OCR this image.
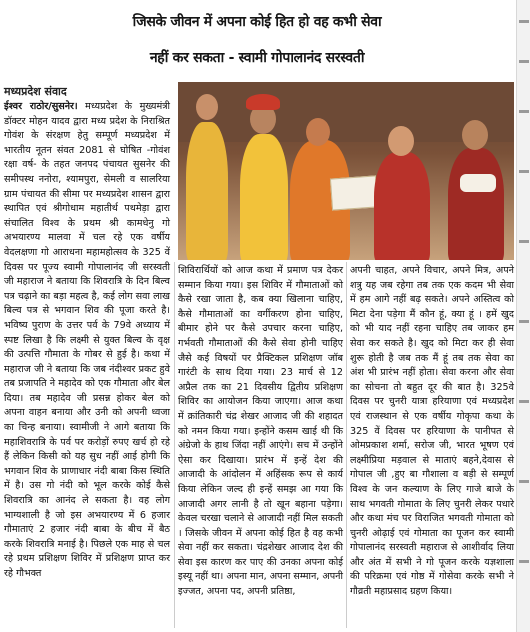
जिसके जीवन में अपना कोई हित हो वह कभी सेवा
नहीं कर सकता - स्वामी गोपालानंद सरस्वती
मध्यप्रदेश संवाद

ईश्वर राठोर/सुसनेर। मध्यप्रदेश के मुख्यमंत्री डॉक्टर मोहन यादव द्वारा मध्य प्रदेश के निराश्रित गोवंश के संरक्षण हेतु सम्पूर्ण मध्यप्रदेश में भारतीय नूतन संवत 2081 से घोषित -गोवंश रक्षा वर्ष- के तहत जनपद पंचायत सुसनेर की समीपस्थ ननोरा, श्यामपुरा, सेमली व सालरिया ग्राम पंचायत की सीमा पर मध्यप्रदेश शासन द्वारा स्थापित एवं श्रीगोधाम महातीर्थ पथमेड़ा द्वारा संचालित विश्व के प्रथम श्री कामधेनु गो अभयारण्य मालवा में चल रहे एक वर्षीय वेदलक्षणा गो आराधना महामहोत्सव के 325 वें दिवस पर पूज्य स्वामी गोपालानंद जी सरस्वती जी महाराज ने बताया कि शिवरात्रि के दिन बिल्व पत्र चढ़ाने का बड़ा महत्व है, कई लोग सवा लाख बिल्व पत्र से भगवान शिव की पूजा करते है। भविष्य पुराण के उत्तर पर्व के 79वे अध्याय में स्पष्ट लिखा है कि लक्ष्मी से युक्त बिल्व के वृक्ष की उत्पत्ति गौमाता के गोबर से हुई है। कथा में महाराज जी ने बताया कि जब नंदीश्वर प्रकट हुवे तब प्रजापति ने महादेव को एक गौमाता और बेल दिया। तब महादेव जी प्रसन्न होकर बेल को अपना वाहन बनाया और उनी को अपनी ध्वजा का चिन्ह बनाया। स्वामीजी ने आगे बताया कि महाशिवरात्रि के पर्व पर करोड़ों रुपए खर्च हो रहे हैं लेकिन किसी को यह सुध नहीं आई होगी कि भगवान शिव के प्राणाधार नंदी बाबा किस स्थिति में है। उस गो नंदी को भूल करके कोई कैसे शिवरात्रि का आनंद ले सकता है। वह लोग भाग्यशाली है जो इस अभयारण्य में 6 हजार गौमाताएं 2 हजार नंदी बाबा के बीच में बैठ करके शिवरात्रि मनाई है। पिछले एक माह से चल रहे प्रथम प्रशिक्षण शिविर में प्रशिक्षण प्राप्त कर रहे गौभक्त

शिविरार्थियों को आज कथा में प्रमाण पत्र देकर सम्मान किया गया। इस शिविर में गौमाताओं को कैसे रखा जाता है, कब क्या खिलाना चाहिए, कैसे गौमाताओं का वर्गीकरण होना चाहिए, बीमार होने पर कैसे उपचार करना चाहिए, गर्भवती गौमाताओं की कैसे सेवा होनी चाहिए जैसे कई विषयों पर प्रैक्टिकल प्रशिक्षण जॉब गारंटी के साथ दिया गया। 23 मार्च से 12 अप्रैल तक का 21 दिवसीय द्वितीय प्रशिक्षण शिविर का आयोजन किया जाएगा। आज कथा में क्रांतिकारी चंद्र शेखर आजाद जी की शहादत को नमन किया गया। इन्होंने कसम खाई थी कि अंग्रेजो के हाथ जिंदा नहीं आएंगे। सच में उन्होंने ऐसा कर दिखाया। प्रारंभ में इन्हें देश की आजादी के आंदोलन में अहिंसक रूप से कार्य किया लेकिन जल्द ही इन्हें समझ आ गया कि आजादी अगर लानी है तो खून बहाना पड़ेगा। केवल चरखा चलाने से आजादी नहीं मिल सकती । जिसके जीवन में अपना कोई हित है वह कभी सेवा नहीं कर सकता। चंद्रशेखर आजाद देश की सेवा इस कारण कर पाए की उनका अपना कोई इस्यू नहीं था। अपना मान, अपना सम्मान, अपनी इज्जत, अपना पद, अपनी प्रतिष्ठा,

अपनी चाहत, अपने विचार, अपने मित्र, अपने शत्रु यह जब रहेगा तब तक एक कदम भी सेवा में हम आगे नहीं बढ़ सकते। अपने अस्तित्व को मिटा देना पड़ेगा मैं कौन हूं, क्या हूं । हमें खुद को भी याद नहीं रहना चाहिए तब जाकर हम सेवा कर सकते है। खुद को मिटा कर ही सेवा शुरू होती है जब तक मैं हूं तब तक सेवा का अंश भी प्रारंभ नहीं होता। सेवा करना और सेवा का सोचना तो बहुत दूर की बात है। 325वे दिवस पर चुनरी यात्रा हरियाणा एवं मध्यप्रदेश एवं राजस्थान से एक वर्षीय गोकृपा कथा के 325 वें दिवस पर हरियाणा के पानीपत से ओमप्रकाश शर्मा, सरोज जी, भारत भूषण एवं लक्ष्मीप्रिया मड़वाल से माताएं बहने,देवास से गोपाल जी ,हुए बा गौशाला व बड़ी से सम्पूर्ण विश्व के जन कल्याण के लिए गाजे बाजे के साथ भगवती गोमाता के लिए चुनरी लेकर पधारे और कथा मंच पर विराजित भगवती गोमाता को चुनरी ओढ़ाई एवं गोमाता का पूजन कर स्वामी गोपालानंद सरस्वती महाराज से आशीर्वाद लिया और अंत में सभी ने गो पूजन करके यज्ञशाला की परिक्रमा एवं गोष्ठ में गोसेवा करके सभी ने गौव्रती महाप्रसाद ग्रहण किया।
